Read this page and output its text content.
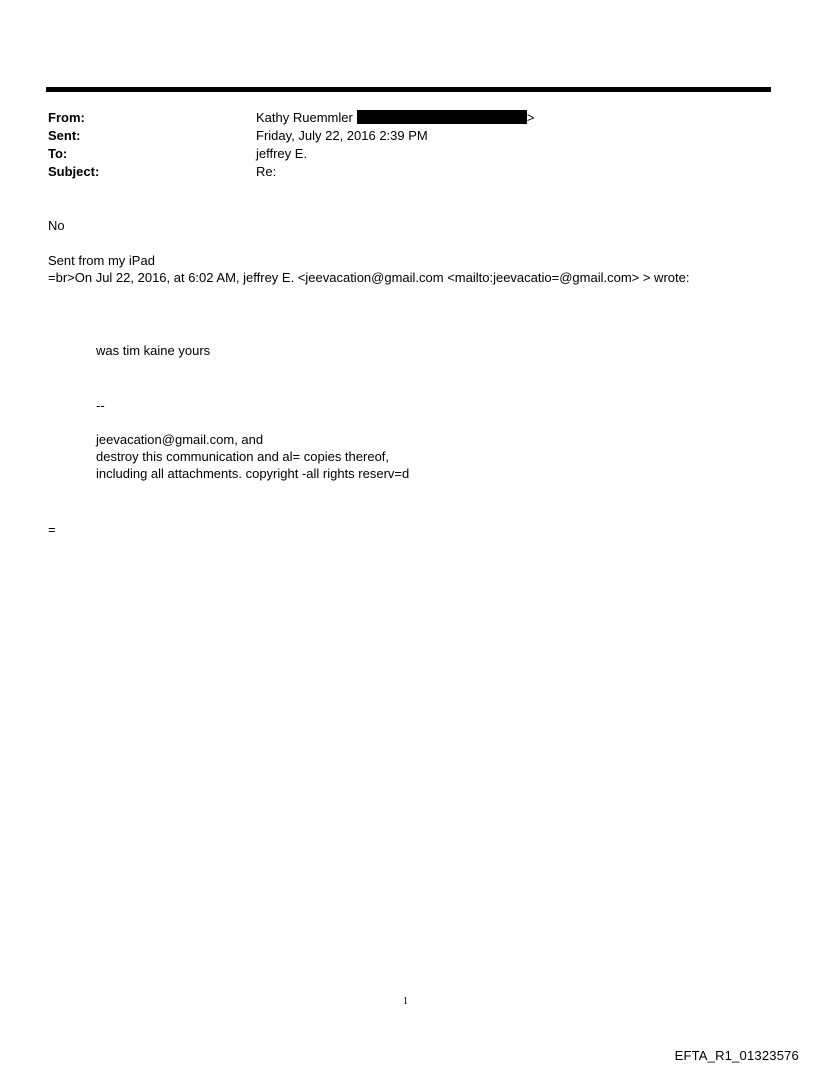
From:	Kathy Ruemmler	>
Sent:	Friday, July 22, 2016 2:39 PM
To:	jeffrey E.
Subject:	Re:
No
Sent from my iPad
=br>On Jul 22, 2016, at 6:02 AM, jeffrey E. <jeevacation@gmail.com <mailto:jeevacatio=@gmail.com> > wrote:
was tim kaine yours
--
jeevacation@gmail.com, and
destroy this communication and al= copies thereof,
including all attachments. copyright -all rights reserv=d
=
1
EFTA_R1_01323576
